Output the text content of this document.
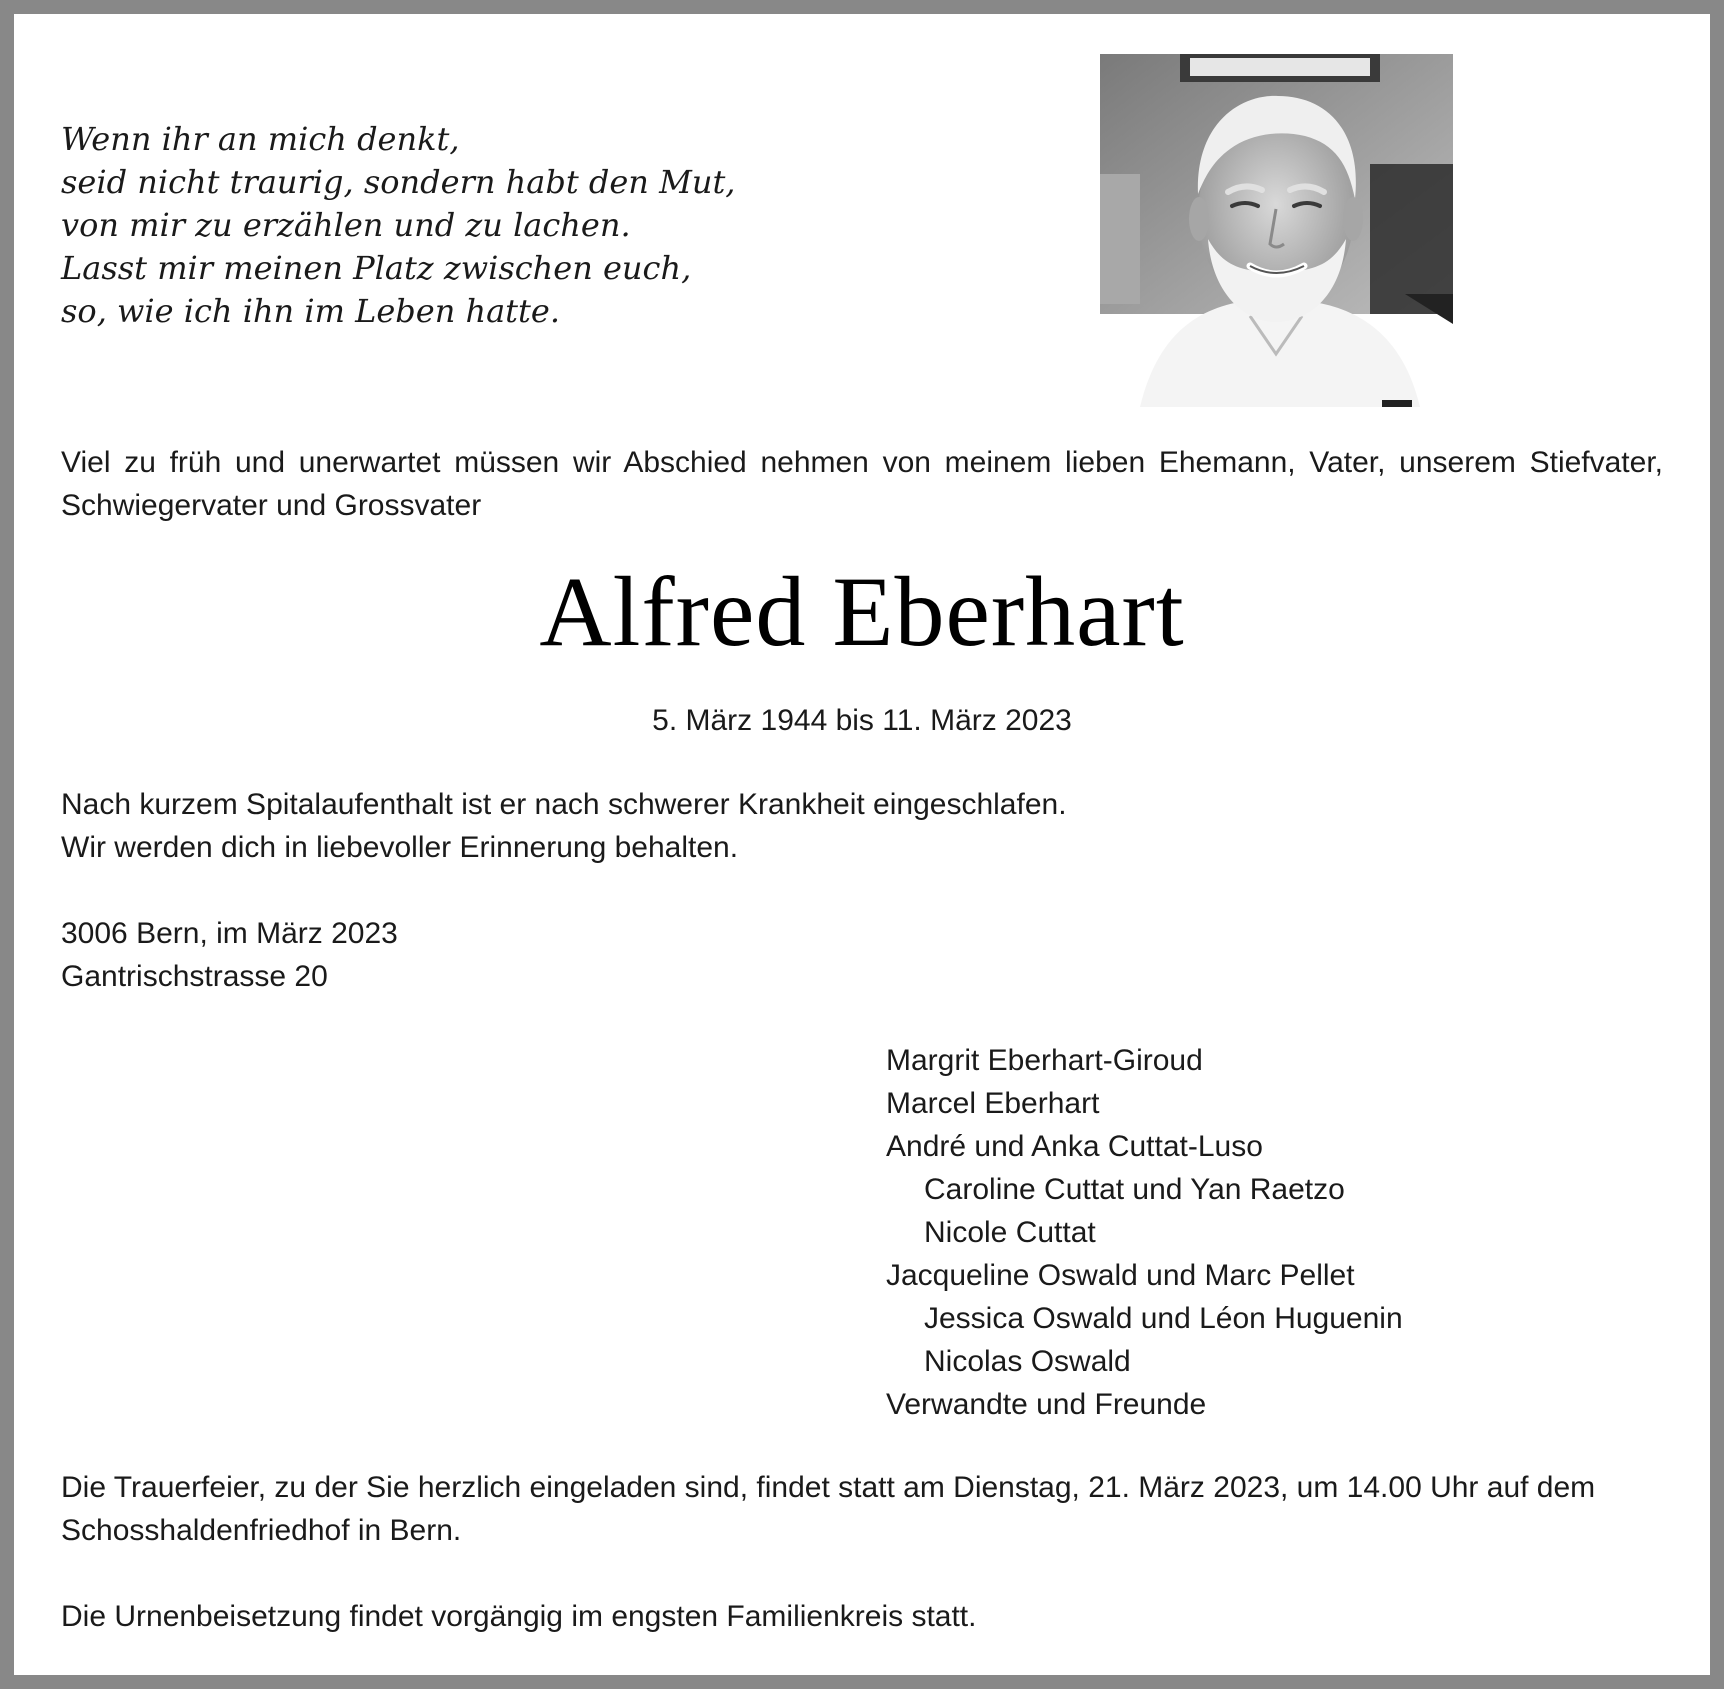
Wenn ihr an mich denkt,
seid nicht traurig, sondern habt den Mut,
von mir zu erzählen und zu lachen.
Lasst mir meinen Platz zwischen euch,
so, wie ich ihn im Leben hatte.
Viel zu früh und unerwartet müssen wir Abschied nehmen von meinem lieben Ehemann, Vater, unserem Stiefvater, Schwiegervater und Grossvater
Alfred Eberhart
5. März 1944 bis 11. März 2023
Nach kurzem Spitalaufenthalt ist er nach schwerer Krankheit eingeschlafen.
Wir werden dich in liebevoller Erinnerung behalten.
3006 Bern, im März 2023
Gantrischstrasse 20
Margrit Eberhart-Giroud
Marcel Eberhart
André und Anka Cuttat-Luso
Caroline Cuttat und Yan Raetzo
Nicole Cuttat
Jacqueline Oswald und Marc Pellet
Jessica Oswald und Léon Huguenin
Nicolas Oswald
Verwandte und Freunde
Die Trauerfeier, zu der Sie herzlich eingeladen sind, findet statt am Dienstag, 21. März 2023, um 14.00 Uhr auf dem Schosshaldenfriedhof in Bern.
Die Urnenbeisetzung findet vorgängig im engsten Familienkreis statt.
